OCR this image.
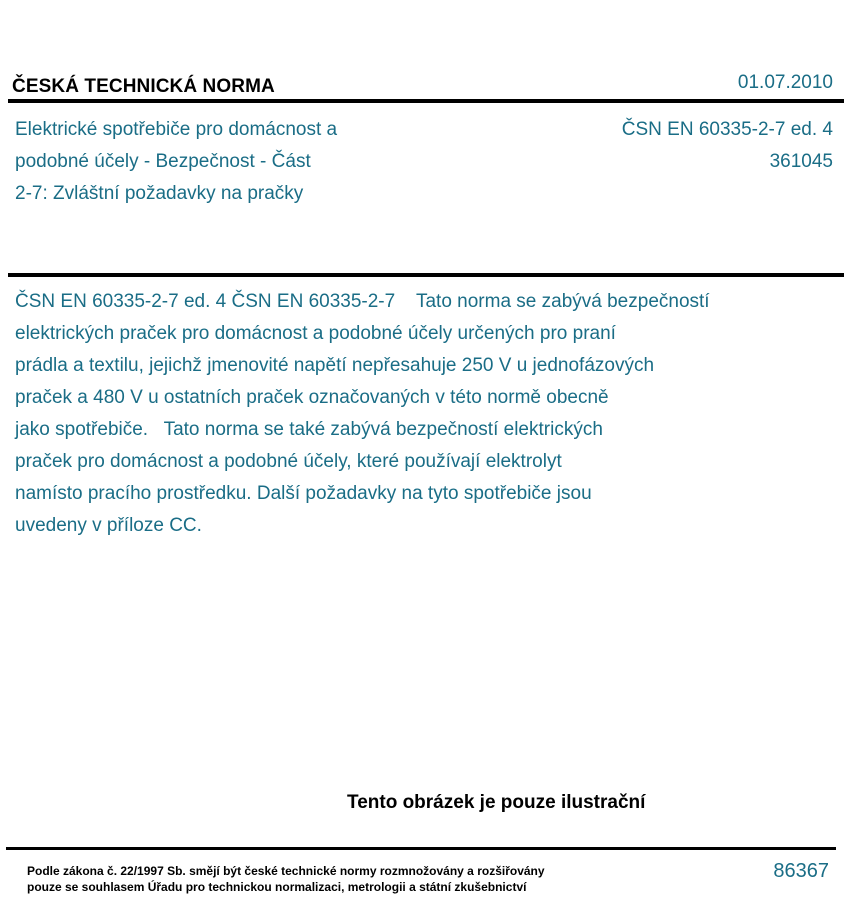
ČESKÁ TECHNICKÁ NORMA	01.07.2010
Elektrické spotřebiče pro domácnost a
podobné účely - Bezpečnost - Část
2-7: Zvláštní požadavky na pračky
ČSN EN 60335-2-7 ed. 4
361045
ČSN EN 60335-2-7 ed. 4 ČSN EN 60335-2-7    Tato norma se zabývá bezpečností
elektrických praček pro domácnost a podobné účely určených pro praní
prádla a textilu, jejichž jmenovité napětí nepřesahuje 250 V u jednofázových
praček a 480 V u ostatních praček označovaných v této normě obecně
jako spotřebiče.   Tato norma se také zabývá bezpečností elektrických
praček pro domácnost a podobné účely, které používají elektrolyt
namísto pracího prostředku. Další požadavky na tyto spotřebiče jsou
uvedeny v příloze CC.
Tento obrázek je pouze ilustrační
Podle zákona č. 22/1997 Sb. smějí být české technické normy rozmnožovány a rozšiřovány
pouze se souhlasem Úřadu pro technickou normalizaci, metrologii a státní zkušebnictví
86367
